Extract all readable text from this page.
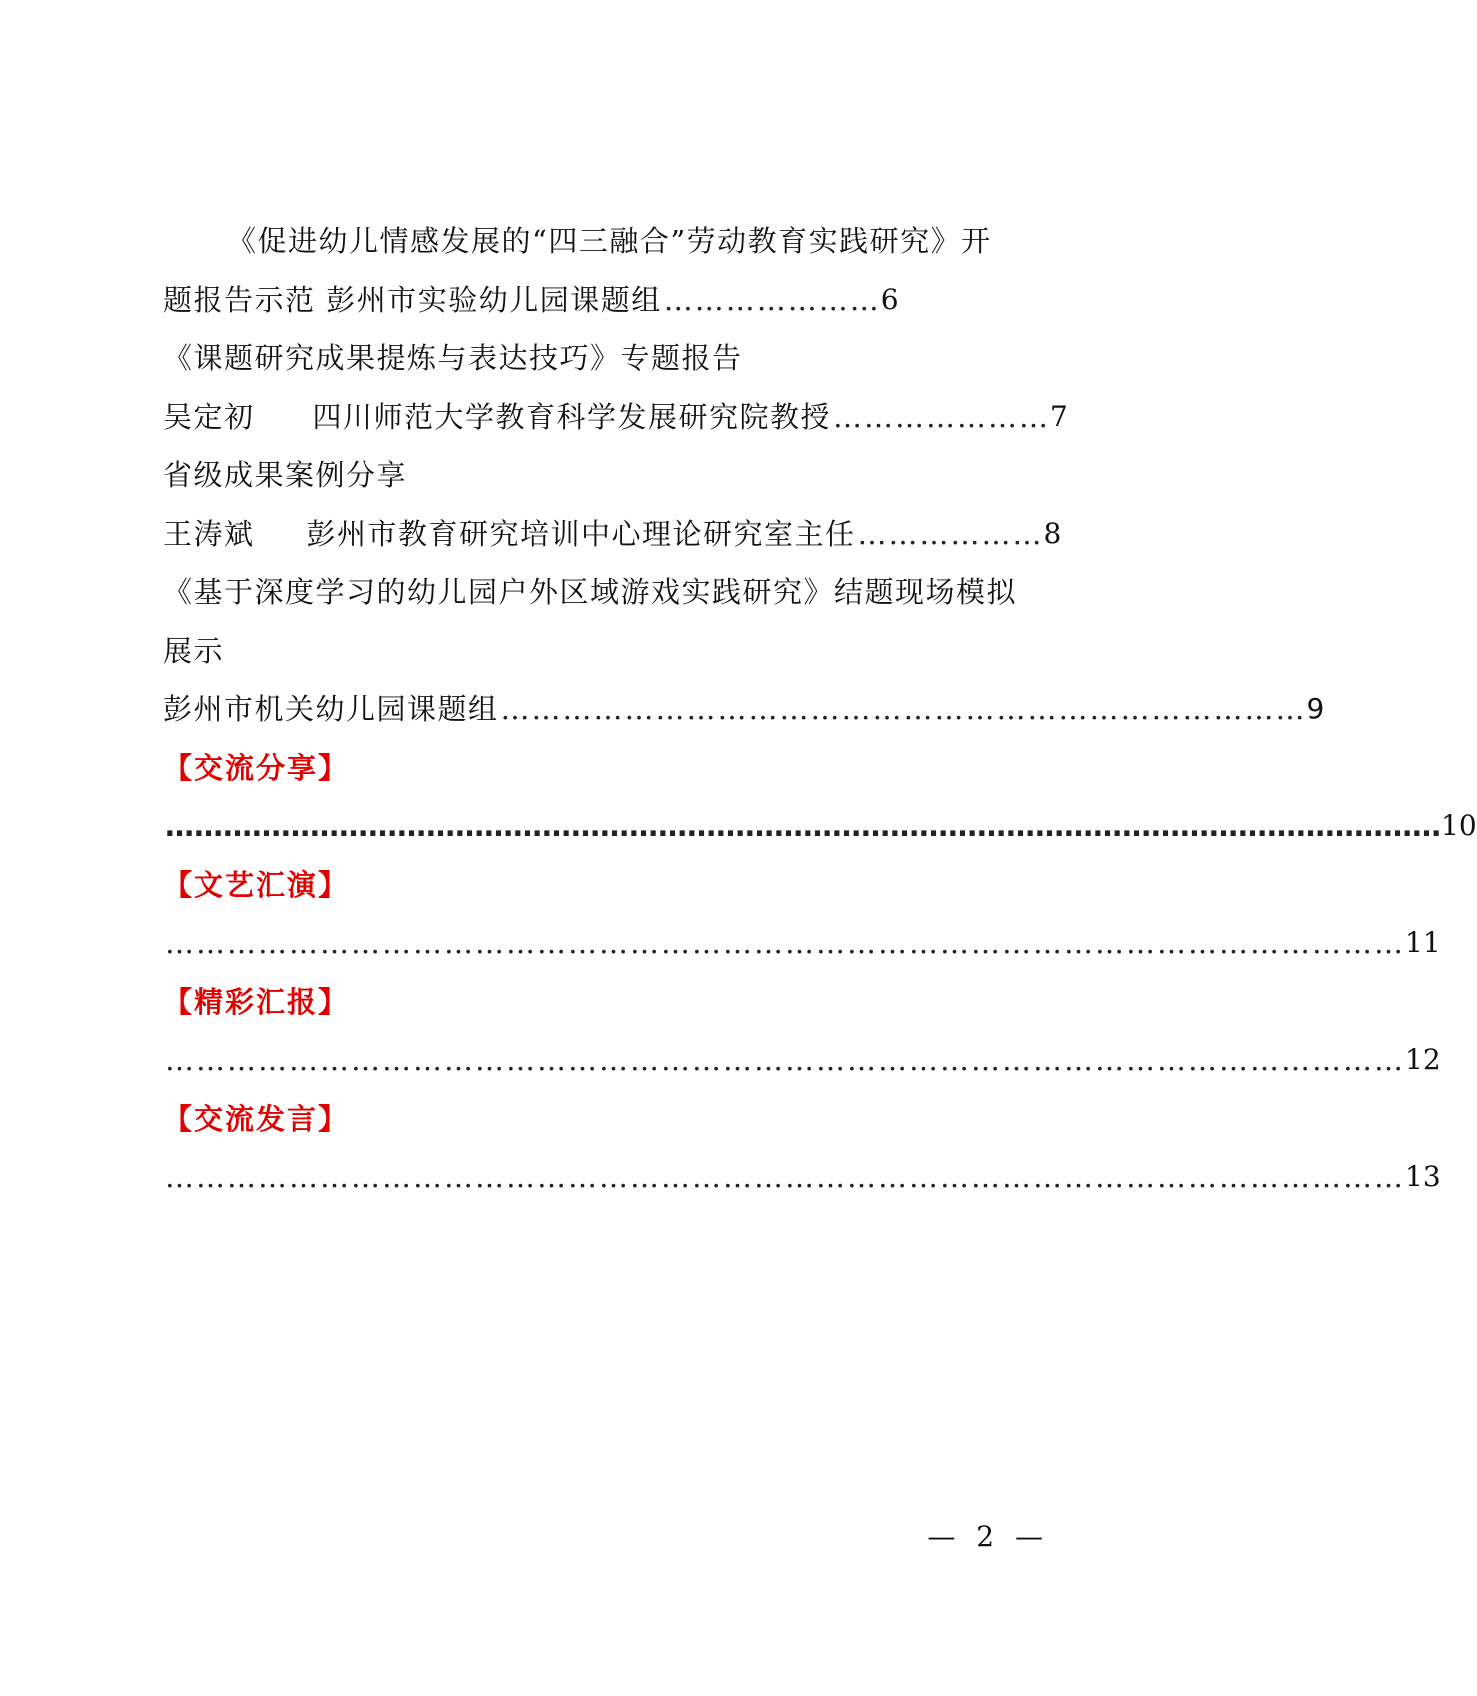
《促进幼儿情感发展的“四三融合”劳动教育实践研究》开
题报告示范 彭州市实验幼儿园课题组 ………………… 6
《课题研究成果提炼与表达技巧》专题报告
吴定初 四川师范大学教育科学发展研究院教授 ………………… 7
省级成果案例分享
王涛斌 彭州市教育研究培训中心理论研究室主任 ……………… 8
《基于深度学习的幼儿园户外区域游戏实践研究》结题现场模拟
展示
彭州市机关幼儿园课题组 …………………………………………………………………… 9
【交流分享】
…………………………………………………………………………………………………………………… 10
【文艺汇演】
………………………………………………………………………………………………………… 11
【精彩汇报】
………………………………………………………………………………………………………… 12
【交流发言】
………………………………………………………………………………………………………… 13
— 2 —
